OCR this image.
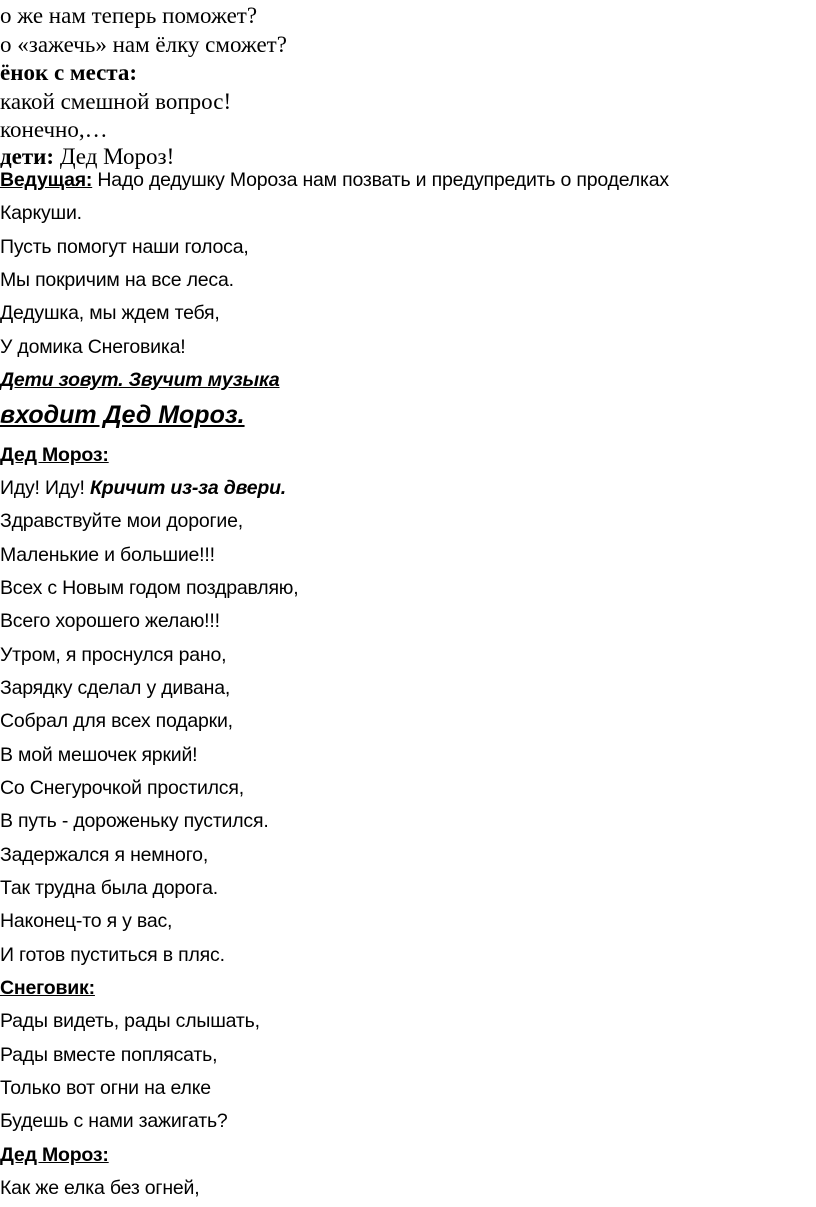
о же нам теперь поможет?
о «зажечь» нам ёлку сможет?
ёнок с места:
какой смешной вопрос!
конечно,…
дети: Дед Мороз!
Ведущая: Надо дедушку Мороза нам позвать и предупредить о проделках
Каркуши.
Пусть помогут наши голоса,
Мы покричим на все леса.
Дедушка, мы ждем тебя,
У домика Снеговика!
Дети зовут. Звучит музыка
входит Дед Мороз.
Дед Мороз:
Иду! Иду! Кричит из-за двери.
Здравствуйте мои дорогие,
Маленькие и большие!!!
Всех с Новым годом поздравляю,
Всего хорошего желаю!!!
Утром, я проснулся рано,
Зарядку сделал у дивана,
Собрал для всех подарки,
В мой мешочек яркий!
Со Снегурочкой простился,
В путь - дороженьку пустился.
Задержался я немного,
Так трудна была дорога.
Наконец-то я у вас,
И готов пуститься в пляс.
Снеговик:
Рады видеть, рады слышать,
Рады вместе поплясать,
Только вот огни на елке
Будешь с нами зажигать?
Дед Мороз:
Как же елка без огней,
